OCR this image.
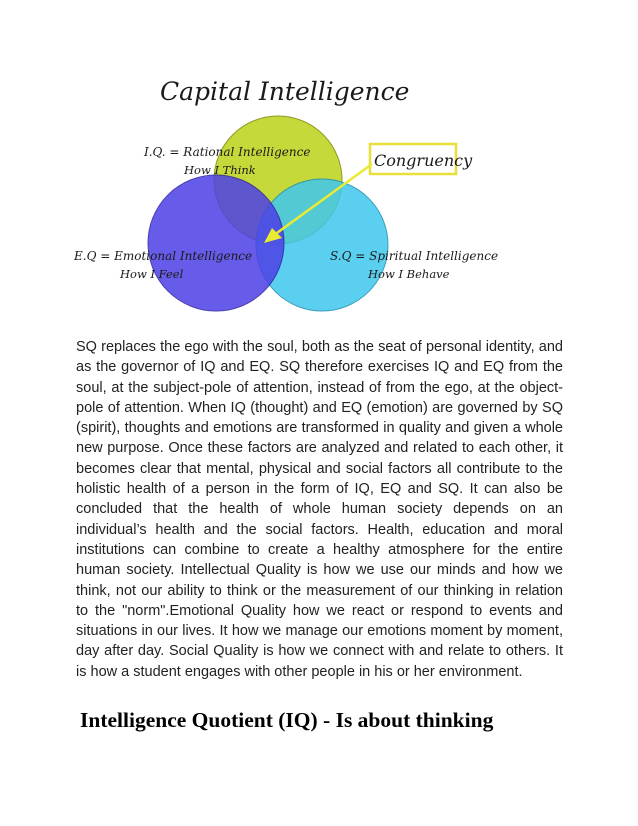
Capital Intelligence
I.Q. = Rational Intelligence
How I Think
E.Q = Emotional Intelligence
How I Feel
S.Q = Spiritual Intelligence
How I Behave
Congruency

SQ replaces the ego with the soul, both as the seat of personal identity, and as the governor of IQ and EQ. SQ therefore exercises IQ and EQ from the soul, at the subject-pole of attention, instead of from the ego, at the object-pole of attention. When IQ (thought) and EQ (emotion) are governed by SQ (spirit), thoughts and emotions are transformed in quality and given a whole new purpose. Once these factors are analyzed and related to each other, it becomes clear that mental, physical and social factors all contribute to the holistic health of a person in the form of IQ, EQ and SQ. It can also be concluded that the health of whole human society depends on an individual’s health and the social factors. Health, education and moral institutions can combine to create a healthy atmosphere for the entire human society. Intellectual Quality is how we use our minds and how we think, not our ability to think or the measurement of our thinking in relation to the "norm".Emotional Quality how we react or respond to events and situations in our lives. It how we manage our emotions moment by moment, day after day. Social Quality is how we connect with and relate to others. It is how a student engages with other people in his or her environment.

Intelligence Quotient (IQ) - Is about thinking
